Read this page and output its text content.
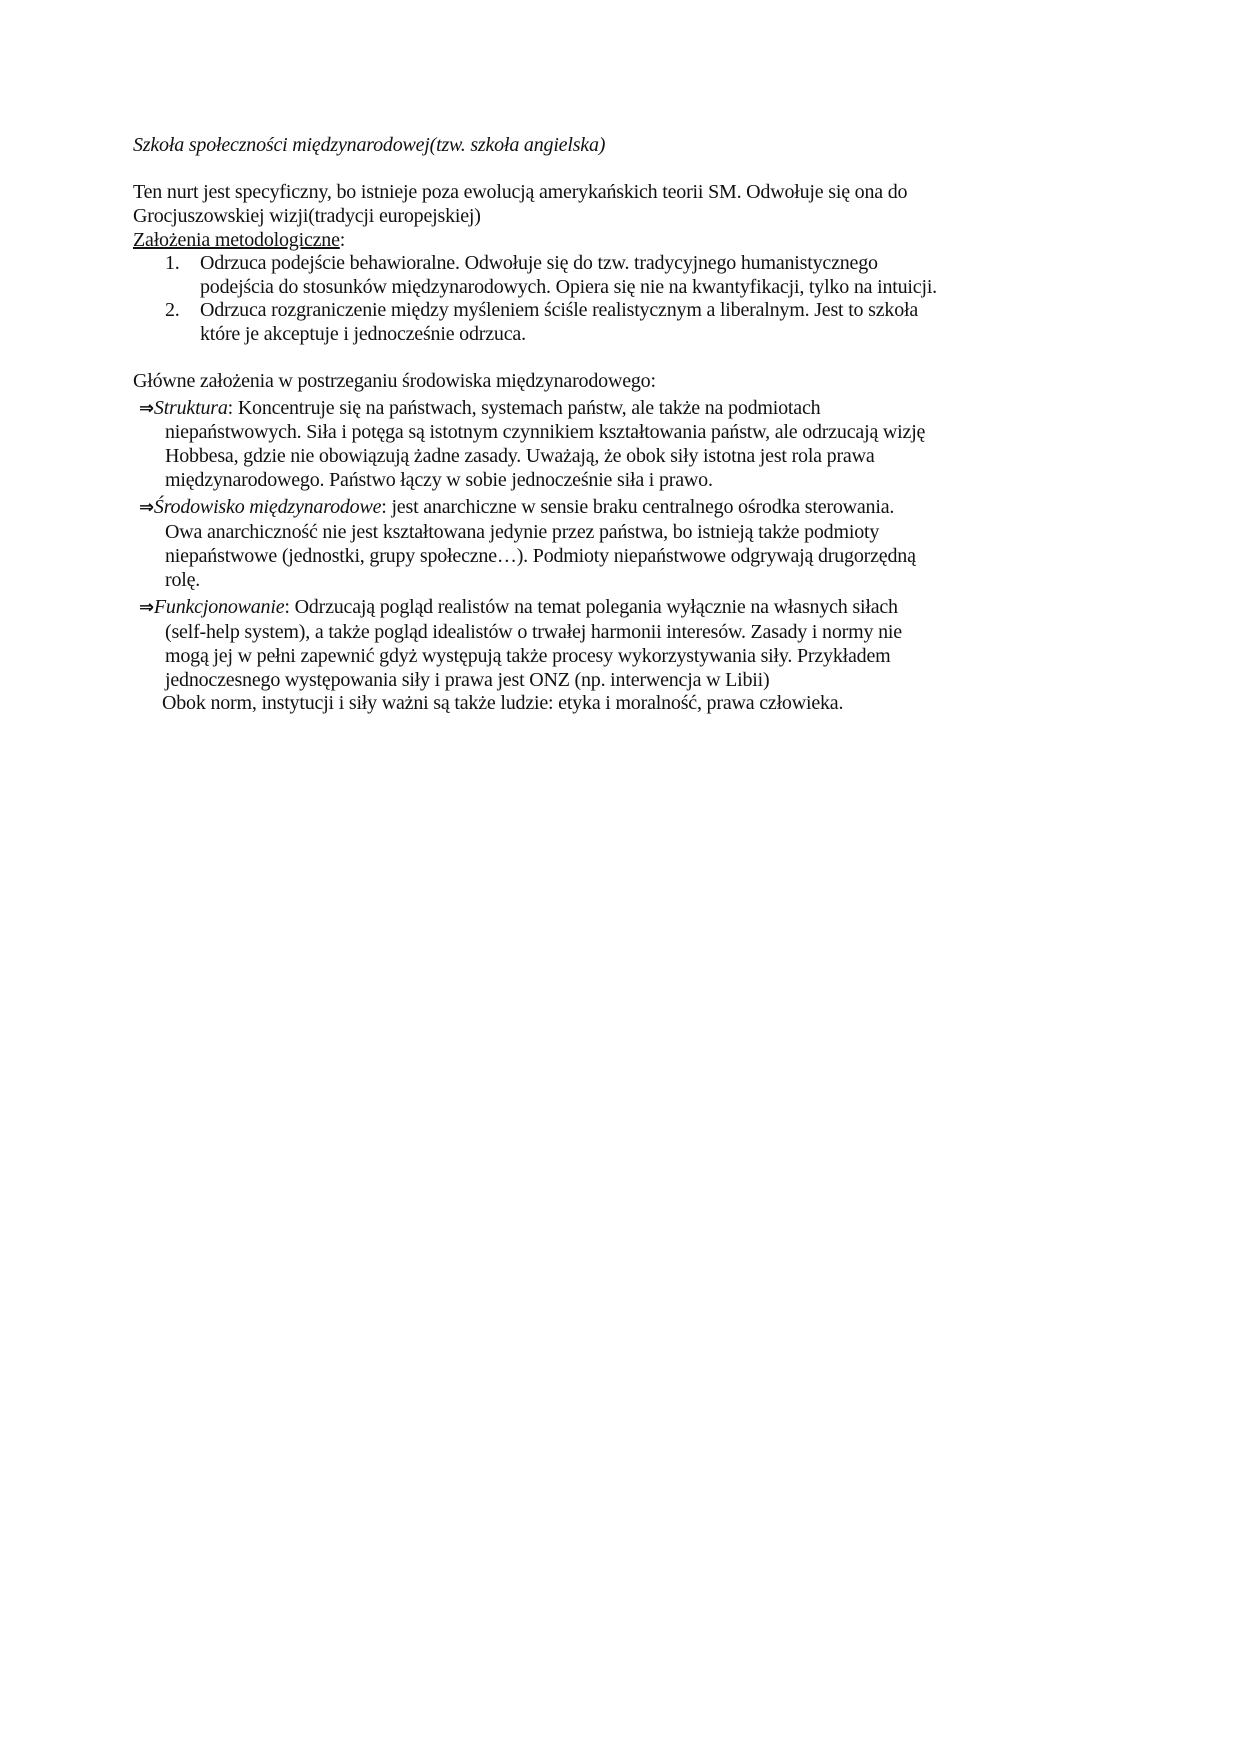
Szkoła społeczności międzynarodowej(tzw. szkoła angielska)
Ten nurt jest specyficzny, bo istnieje poza ewolucją amerykańskich teorii SM. Odwołuje się ona do
Grocjuszowskiej wizji(tradycji europejskiej)
Założenia metodologiczne:
1. Odrzuca podejście behawioralne. Odwołuje się do tzw. tradycyjnego humanistycznego
podejścia do stosunków międzynarodowych. Opiera się nie na kwantyfikacji, tylko na intuicji.
2. Odrzuca rozgraniczenie między myśleniem ściśle realistycznym a liberalnym. Jest to szkoła
które je akceptuje i jednocześnie odrzuca.
Główne założenia w postrzeganiu środowiska międzynarodowego:
⇒Struktura: Koncentruje się na państwach, systemach państw, ale także na podmiotach
niepaństwowych. Siła i potęga są istotnym czynnikiem kształtowania państw, ale odrzucają wizję
Hobbesa, gdzie nie obowiązują żadne zasady. Uważają, że obok siły istotna jest rola prawa
międzynarodowego. Państwo łączy w sobie jednocześnie siła i prawo.
⇒Środowisko międzynarodowe: jest anarchiczne w sensie braku centralnego ośrodka sterowania.
Owa anarchiczność nie jest kształtowana jedynie przez państwa, bo istnieją także podmioty
niepaństwowe (jednostki, grupy społeczne…). Podmioty niepaństwowe odgrywają drugorzędną
rolę.
⇒Funkcjonowanie: Odrzucają pogląd realistów na temat polegania wyłącznie na własnych siłach
(self-help system), a także pogląd idealistów o trwałej harmonii interesów. Zasady i normy nie
mogą jej w pełni zapewnić gdyż występują także procesy wykorzystywania siły. Przykładem
jednoczesnego występowania siły i prawa jest ONZ (np. interwencja w Libii)
Obok norm, instytucji i siły ważni są także ludzie: etyka i moralność, prawa człowieka.
